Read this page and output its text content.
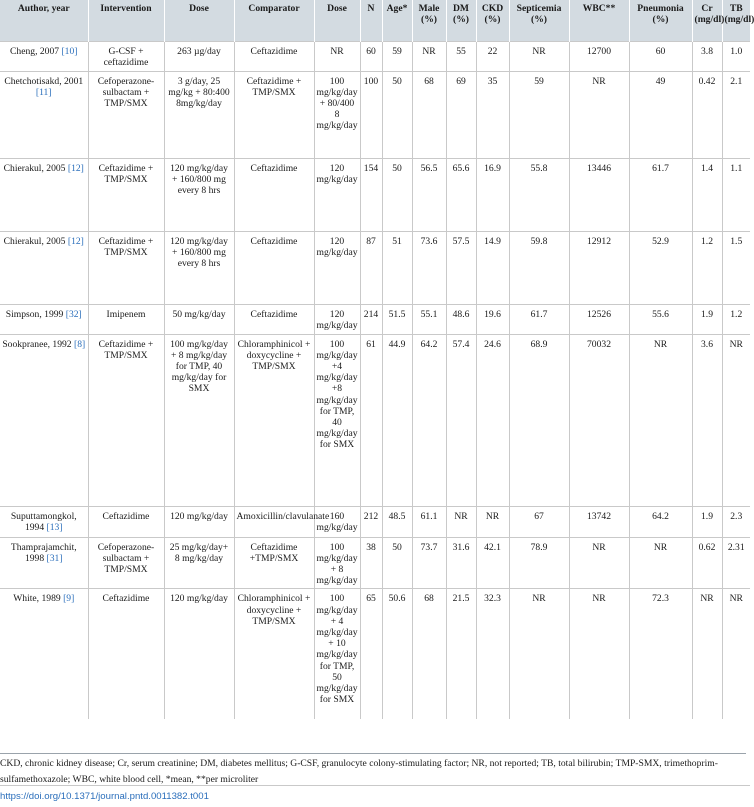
Author, year	Intervention	Dose	Comparator	Dose	N	Age*	Male (%)	DM (%)	CKD (%)	Septicemia (%)	WBC**	Pneumonia (%)	Cr (mg/dl)	TB (mg/dl)
Cheng, 2007 [10]	G-CSF + ceftazidime	263 µg/day	Ceftazidime	NR	60	59	NR	55	22	NR	12700	60	3.8	1.0
Chetchotisakd, 2001 [11]	Cefoperazone-sulbactam + TMP/SMX	3 g/day, 25 mg/kg + 80:400 8mg/kg/day	Ceftazidime + TMP/SMX	100 mg/kg/day + 80/400 8 mg/kg/day	100	50	68	69	35	59	NR	49	0.42	2.1
Chierakul, 2005 [12]	Ceftazidime + TMP/SMX	120 mg/kg/day + 160/800 mg every 8 hrs	Ceftazidime	120 mg/kg/day	154	50	56.5	65.6	16.9	55.8	13446	61.7	1.4	1.1
Chierakul, 2005 [12]	Ceftazidime + TMP/SMX	120 mg/kg/day + 160/800 mg every 8 hrs	Ceftazidime	120 mg/kg/day	87	51	73.6	57.5	14.9	59.8	12912	52.9	1.2	1.5
Simpson, 1999 [32]	Imipenem	50 mg/kg/day	Ceftazidime	120 mg/kg/day	214	51.5	55.1	48.6	19.6	61.7	12526	55.6	1.9	1.2
Sookpranee, 1992 [8]	Ceftazidime + TMP/SMX	100 mg/kg/day + 8 mg/kg/day for TMP, 40 mg/kg/day for SMX	Chloramphinicol + doxycycline + TMP/SMX	100 mg/kg/day +4 mg/kg/day +8 mg/kg/day for TMP, 40 mg/kg/day for SMX	61	44.9	64.2	57.4	24.6	68.9	70032	NR	3.6	NR
Suputtamongkol, 1994 [13]	Ceftazidime	120 mg/kg/day	Amoxicillin/clavulanate	160 mg/kg/day	212	48.5	61.1	NR	NR	67	13742	64.2	1.9	2.3
Thamprajamchit, 1998 [31]	Cefoperazone-sulbactam + TMP/SMX	25 mg/kg/day+ 8 mg/kg/day	Ceftazidime +TMP/SMX	100 mg/kg/day + 8 mg/kg/day	38	50	73.7	31.6	42.1	78.9	NR	NR	0.62	2.31
White, 1989 [9]	Ceftazidime	120 mg/kg/day	Chloramphinicol + doxycycline + TMP/SMX	100 mg/kg/day + 4 mg/kg/day + 10 mg/kg/day for TMP, 50 mg/kg/day for SMX	65	50.6	68	21.5	32.3	NR	NR	72.3	NR	NR
CKD, chronic kidney disease; Cr, serum creatinine; DM, diabetes mellitus; G-CSF, granulocyte colony-stimulating factor; NR, not reported; TB, total bilirubin; TMP-SMX, trimethoprim-sulfamethoxazole; WBC, white blood cell, *mean, **per microliter
https://doi.org/10.1371/journal.pntd.0011382.t001
